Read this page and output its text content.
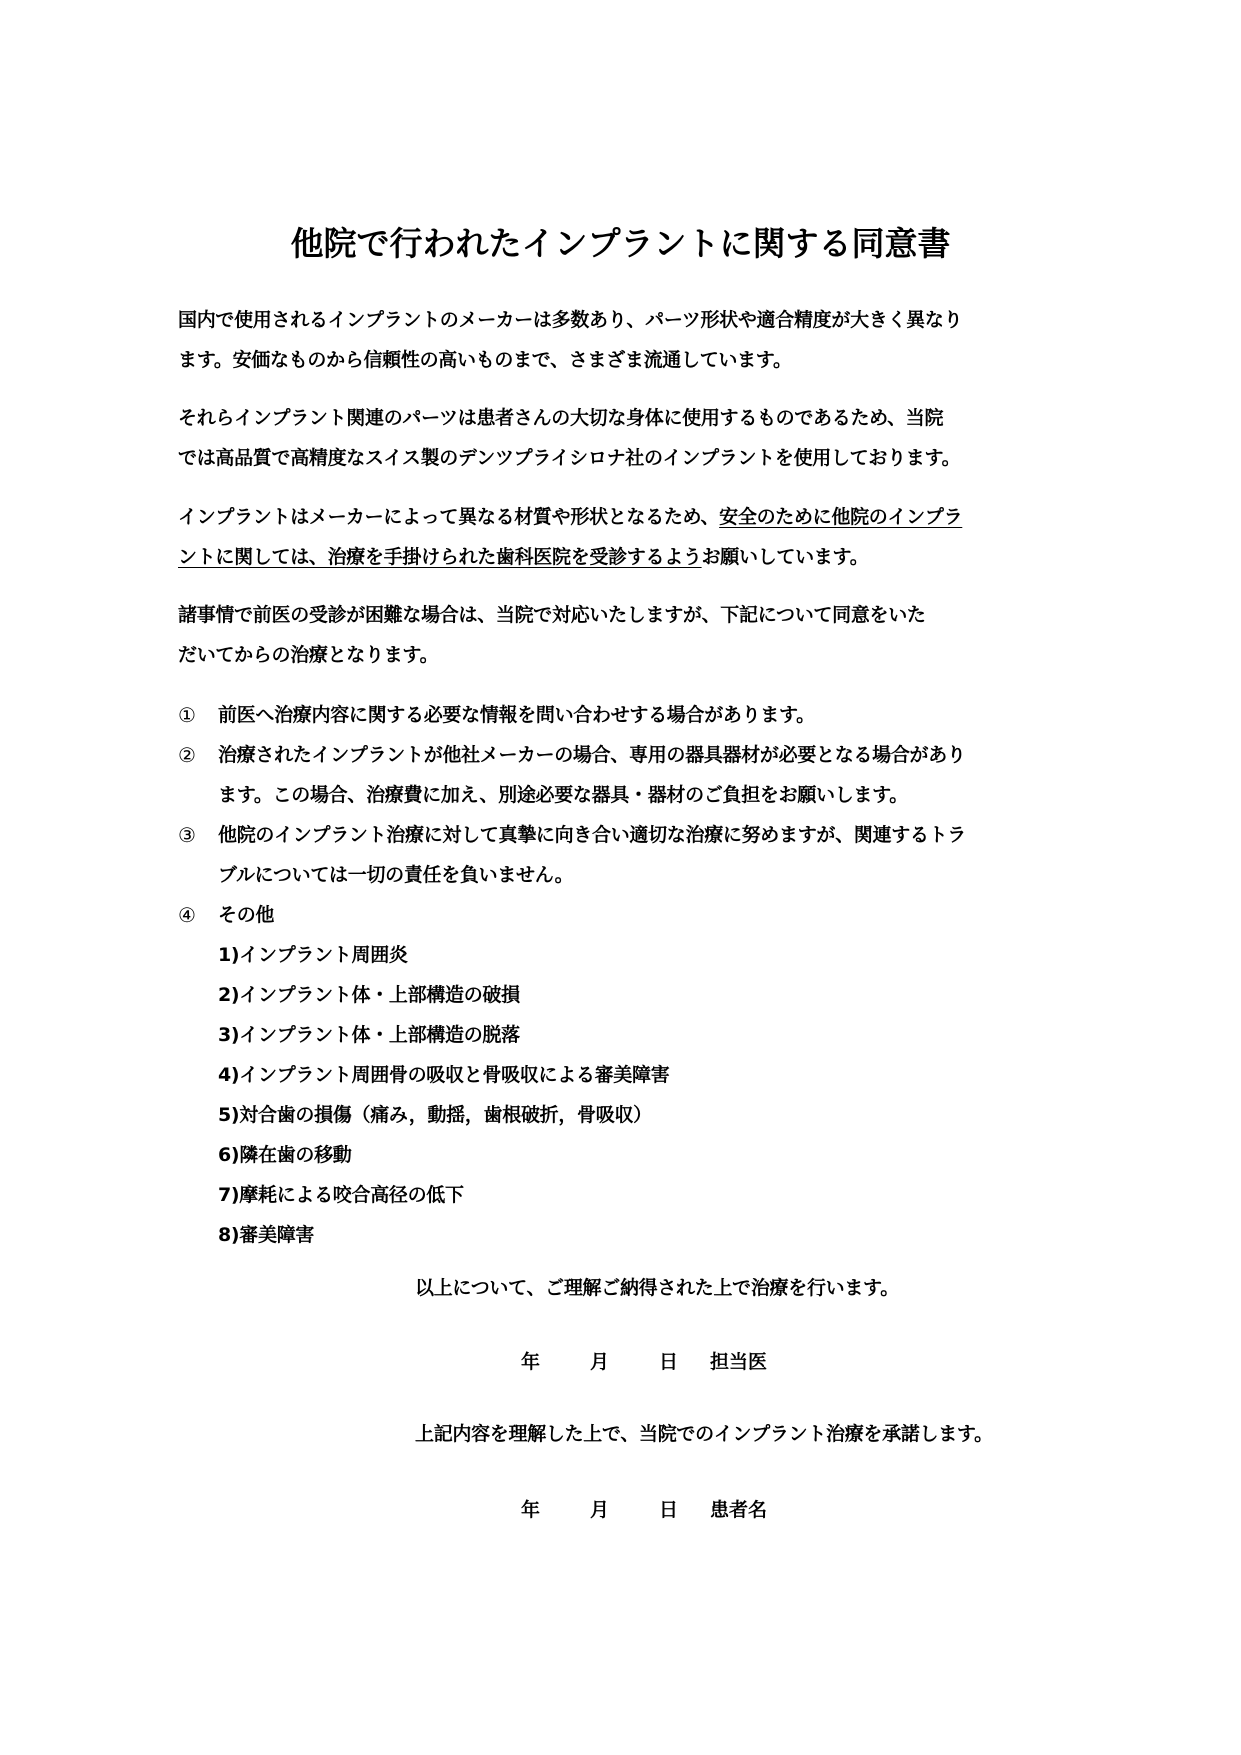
他院で行われたインプラントに関する同意書
国内で使用されるインプラントのメーカーは多数あり、パーツ形状や適合精度が大きく異なり
ます。安価なものから信頼性の高いものまで、さまざま流通しています。
それらインプラント関連のパーツは患者さんの大切な身体に使用するものであるため、当院
では高品質で高精度なスイス製のデンツプライシロナ社のインプラントを使用しております。
インプラントはメーカーによって異なる材質や形状となるため、安全のために他院のインプラ
ントに関しては、治療を手掛けられた歯科医院を受診するようお願いしています。
諸事情で前医の受診が困難な場合は、当院で対応いたしますが、下記について同意をいた
だいてからの治療となります。
① 前医へ治療内容に関する必要な情報を問い合わせする場合があります。
② 治療されたインプラントが他社メーカーの場合、専用の器具器材が必要となる場合があり
ます。この場合、治療費に加え、別途必要な器具・器材のご負担をお願いします。
③ 他院のインプラント治療に対して真摯に向き合い適切な治療に努めますが、関連するトラ
ブルについては一切の責任を負いません。
④ その他
1)インプラント周囲炎
2)インプラント体・上部構造の破損
3)インプラント体・上部構造の脱落
4)インプラント周囲骨の吸収と骨吸収による審美障害
5)対合歯の損傷（痛み，動揺，歯根破折，骨吸収）
6)隣在歯の移動
7)摩耗による咬合高径の低下
8)審美障害
以上について、ご理解ご納得された上で治療を行います。
年	月	日 担当医
上記内容を理解した上で、当院でのインプラント治療を承諾します。
年	月	日 患者名
